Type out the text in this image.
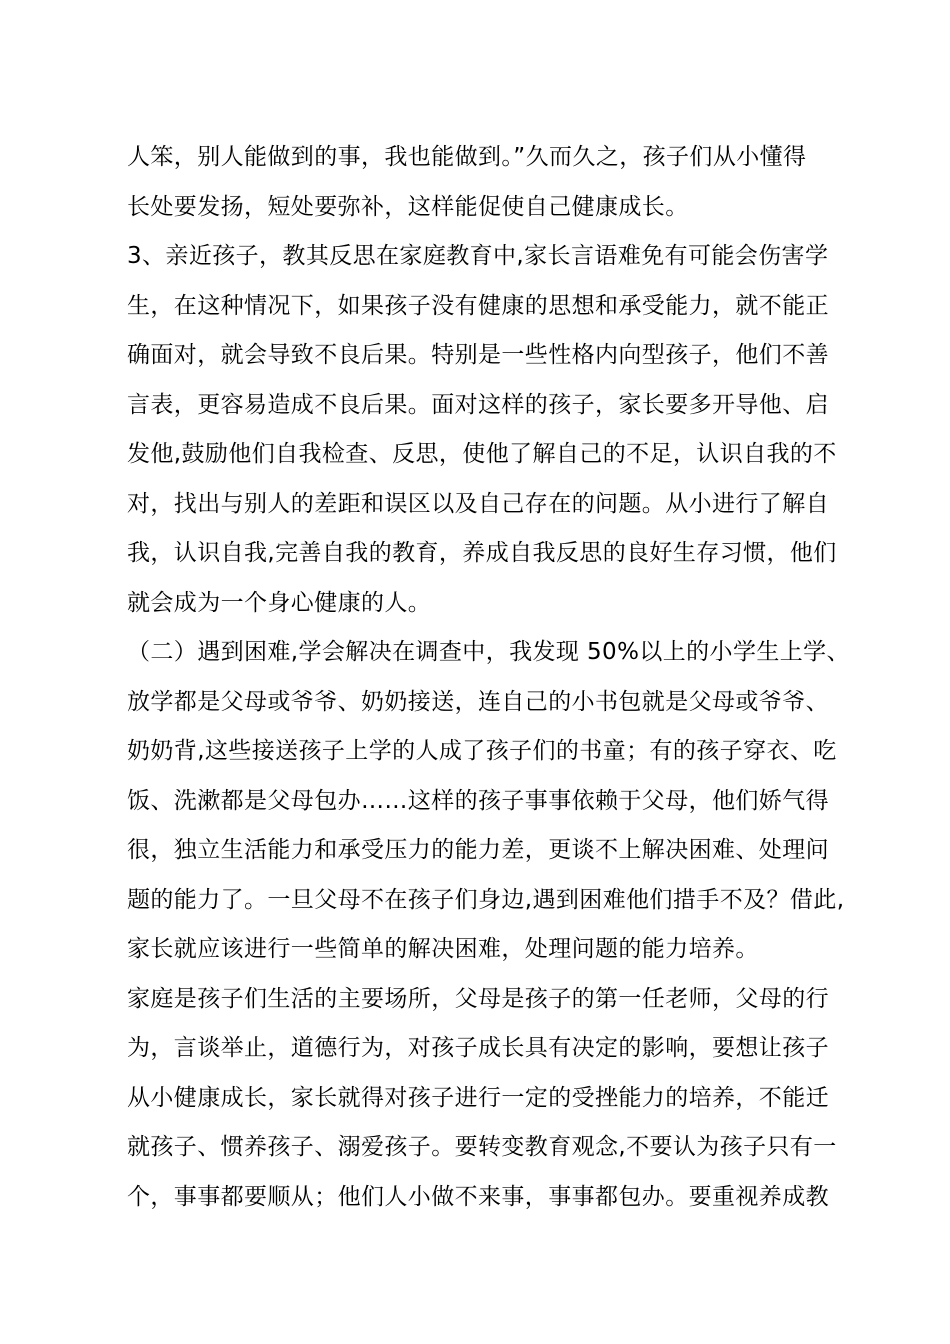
人笨，别人能做到的事，我也能做到。”久而久之，孩子们从小懂得
长处要发扬，短处要弥补，这样能促使自己健康成长。
3、亲近孩子，教其反思在家庭教育中,家长言语难免有可能会伤害学
生，在这种情况下，如果孩子没有健康的思想和承受能力，就不能正
确面对，就会导致不良后果。特别是一些性格内向型孩子，他们不善
言表，更容易造成不良后果。面对这样的孩子，家长要多开导他、启
发他,鼓励他们自我检查、反思，使他了解自己的不足，认识自我的不
对，找出与别人的差距和误区以及自己存在的问题。从小进行了解自
我，认识自我,完善自我的教育，养成自我反思的良好生存习惯，他们
就会成为一个身心健康的人。
（二）遇到困难,学会解决在调查中，我发现 50%以上的小学生上学、
放学都是父母或爷爷、奶奶接送，连自己的小书包就是父母或爷爷、
奶奶背,这些接送孩子上学的人成了孩子们的书童；有的孩子穿衣、吃
饭、洗漱都是父母包办……这样的孩子事事依赖于父母，他们娇气得
很，独立生活能力和承受压力的能力差，更谈不上解决困难、处理问
题的能力了。一旦父母不在孩子们身边,遇到困难他们措手不及？借此,
家长就应该进行一些简单的解决困难，处理问题的能力培养。
家庭是孩子们生活的主要场所，父母是孩子的第一任老师，父母的行
为，言谈举止，道德行为，对孩子成长具有决定的影响，要想让孩子
从小健康成长，家长就得对孩子进行一定的受挫能力的培养，不能迁
就孩子、惯养孩子、溺爱孩子。要转变教育观念,不要认为孩子只有一
个，事事都要顺从；他们人小做不来事，事事都包办。要重视养成教
